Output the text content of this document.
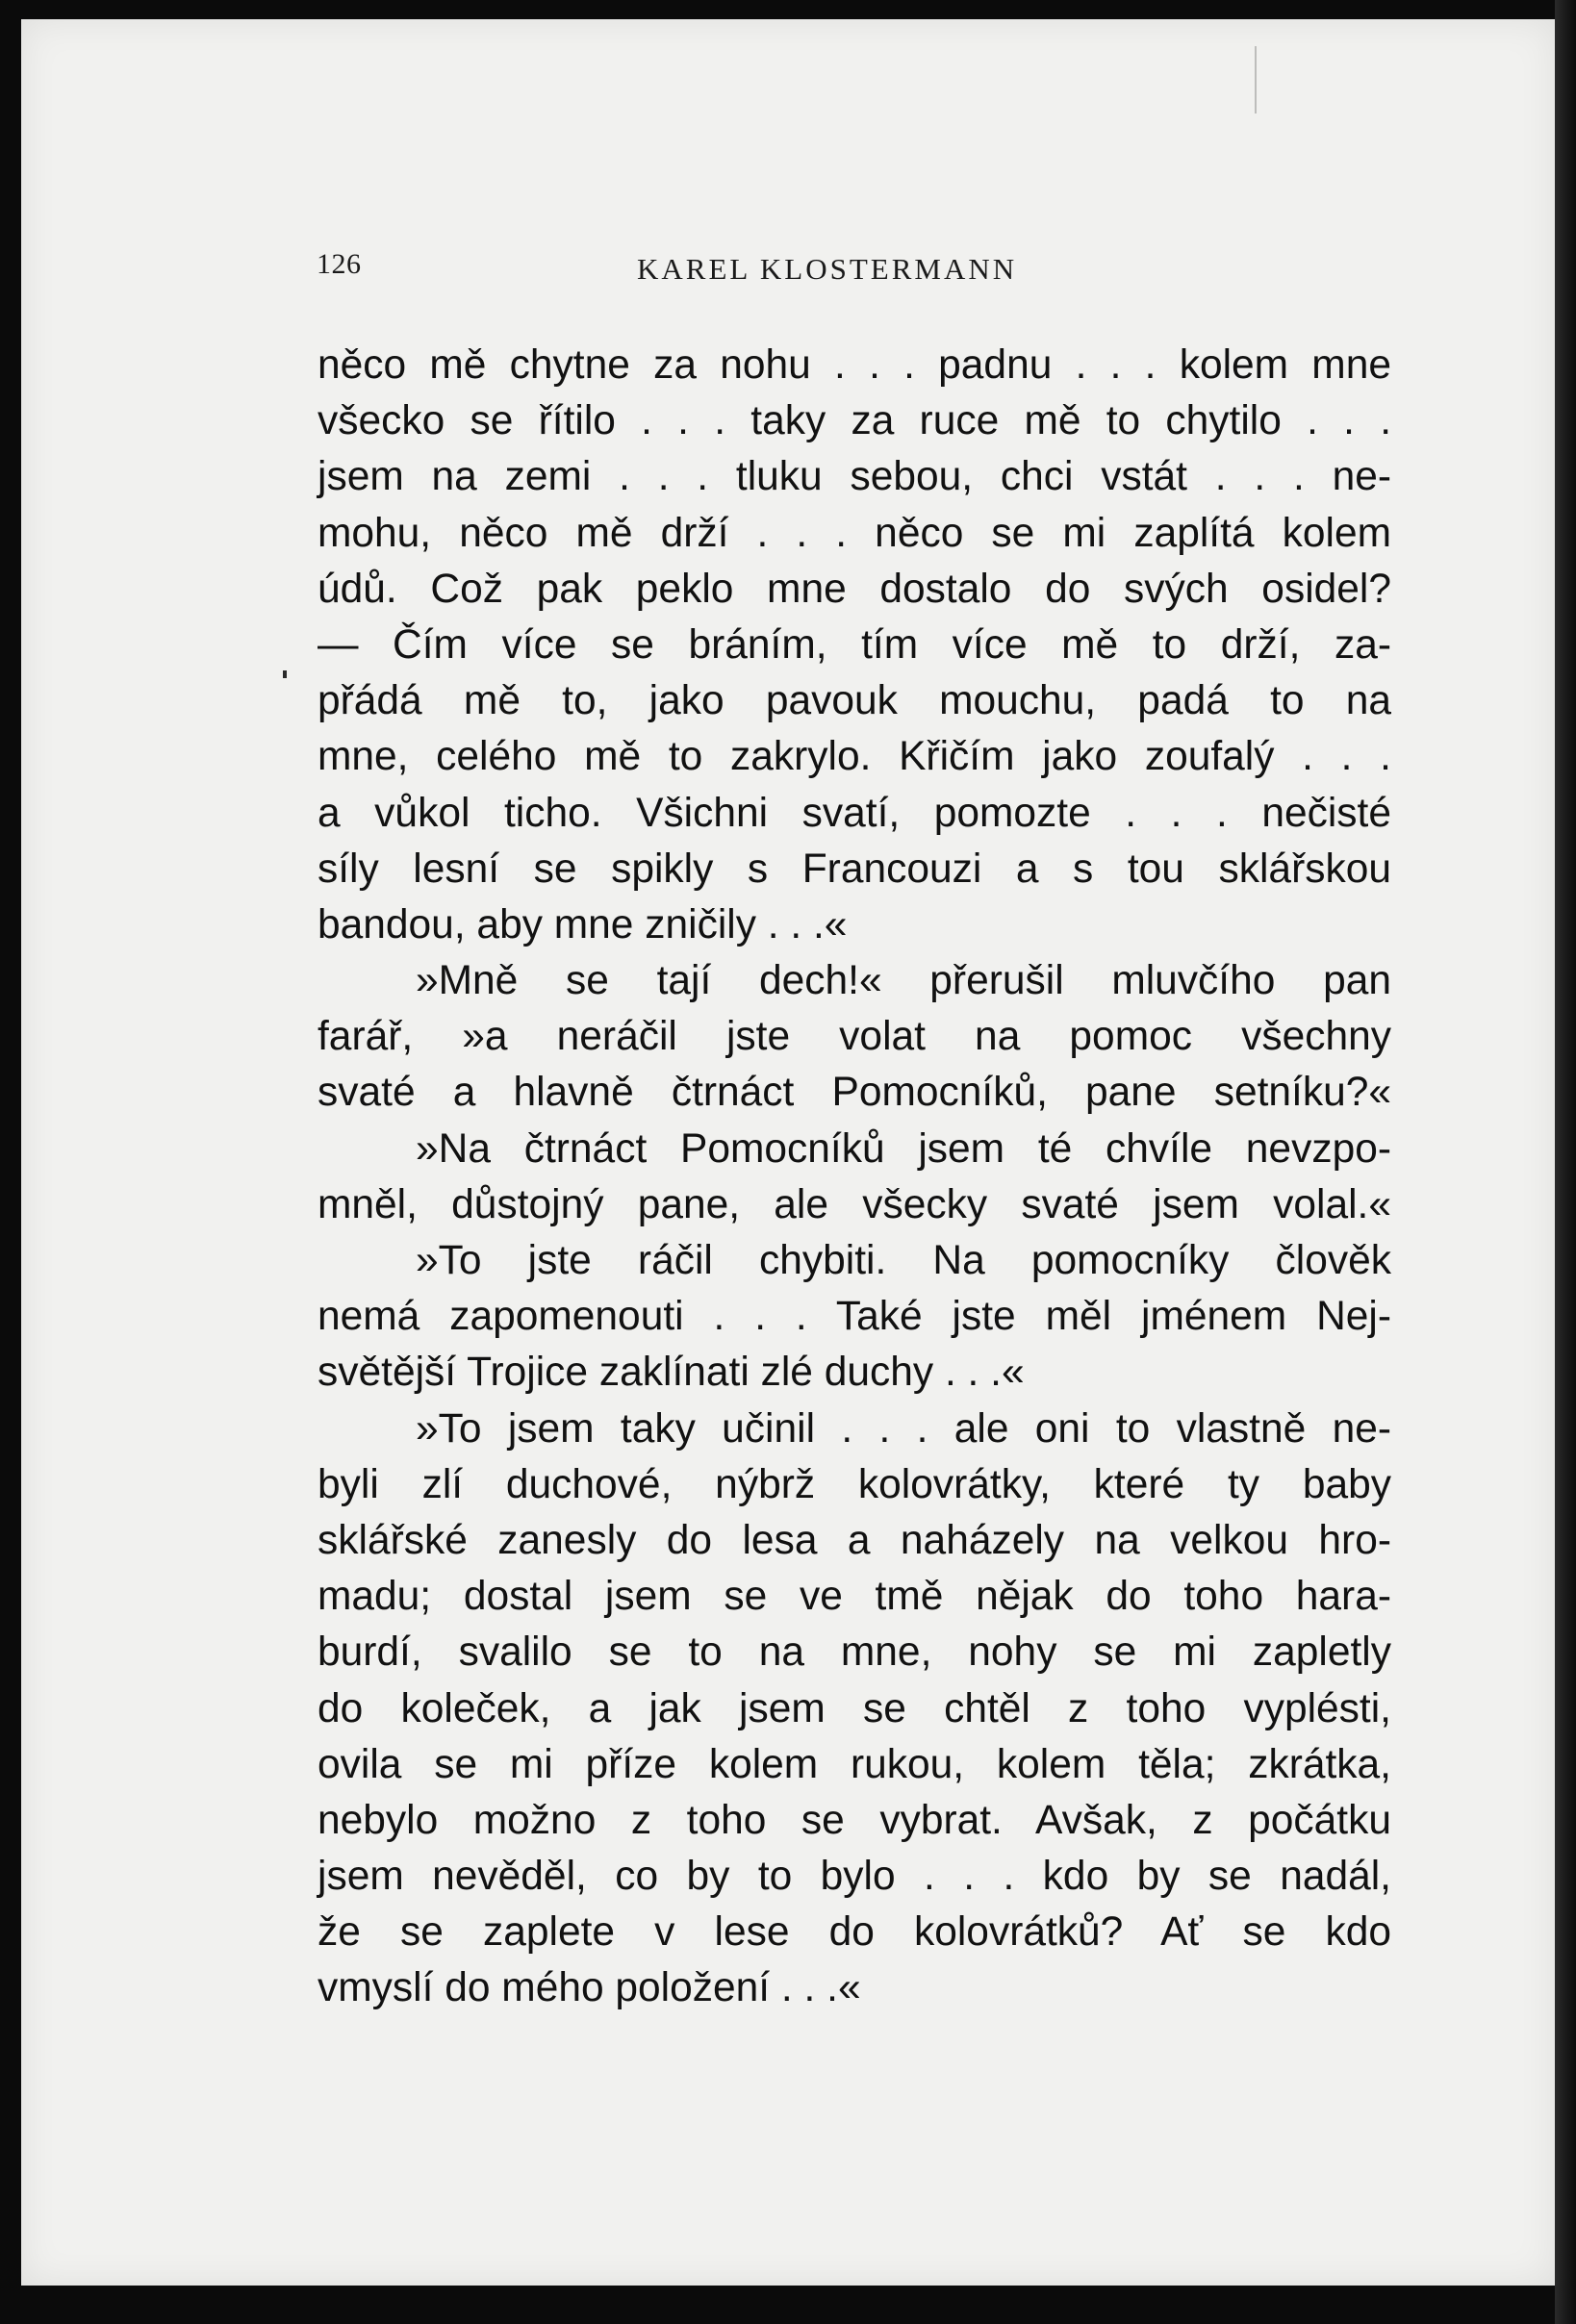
126	KAREL KLOSTERMANN
něco mě chytne za nohu . . . padnu . . . kolem mne
všecko se řítilo . . . taky za ruce mě to chytilo . . .
jsem na zemi . . . tluku sebou, chci vstát . . . ne-
mohu, něco mě drží . . . něco se mi zaplítá kolem
údů. Což pak peklo mne dostalo do svých osidel?
— Čím více se bráním, tím více mě to drží, za-
přádá mě to, jako pavouk mouchu, padá to na
mne, celého mě to zakrylo. Křičím jako zoufalý . . .
a vůkol ticho. Všichni svatí, pomozte . . . nečisté
síly lesní se spikly s Francouzi a s tou sklářskou
bandou, aby mne zničily . . .«
»Mně se tají dech!« přerušil mluvčího pan
farář, »a neráčil jste volat na pomoc všechny
svaté a hlavně čtrnáct Pomocníků, pane setníku?«
»Na čtrnáct Pomocníků jsem té chvíle nevzpo-
mněl, důstojný pane, ale všecky svaté jsem volal.«
»To jste ráčil chybiti. Na pomocníky člověk
nemá zapomenouti . . . Také jste měl jménem Nej-
světější Trojice zaklínati zlé duchy . . .«
»To jsem taky učinil . . . ale oni to vlastně ne-
byli zlí duchové, nýbrž kolovrátky, které ty baby
sklářské zanesly do lesa a naházely na velkou hro-
madu; dostal jsem se ve tmě nějak do toho hara-
burdí, svalilo se to na mne, nohy se mi zapletly
do koleček, a jak jsem se chtěl z toho vyplésti,
ovila se mi příze kolem rukou, kolem těla; zkrátka,
nebylo možno z toho se vybrat. Avšak, z počátku
jsem nevěděl, co by to bylo . . . kdo by se nadál,
že se zaplete v lese do kolovrátků? Ať se kdo
vmyslí do mého položení . . .«
